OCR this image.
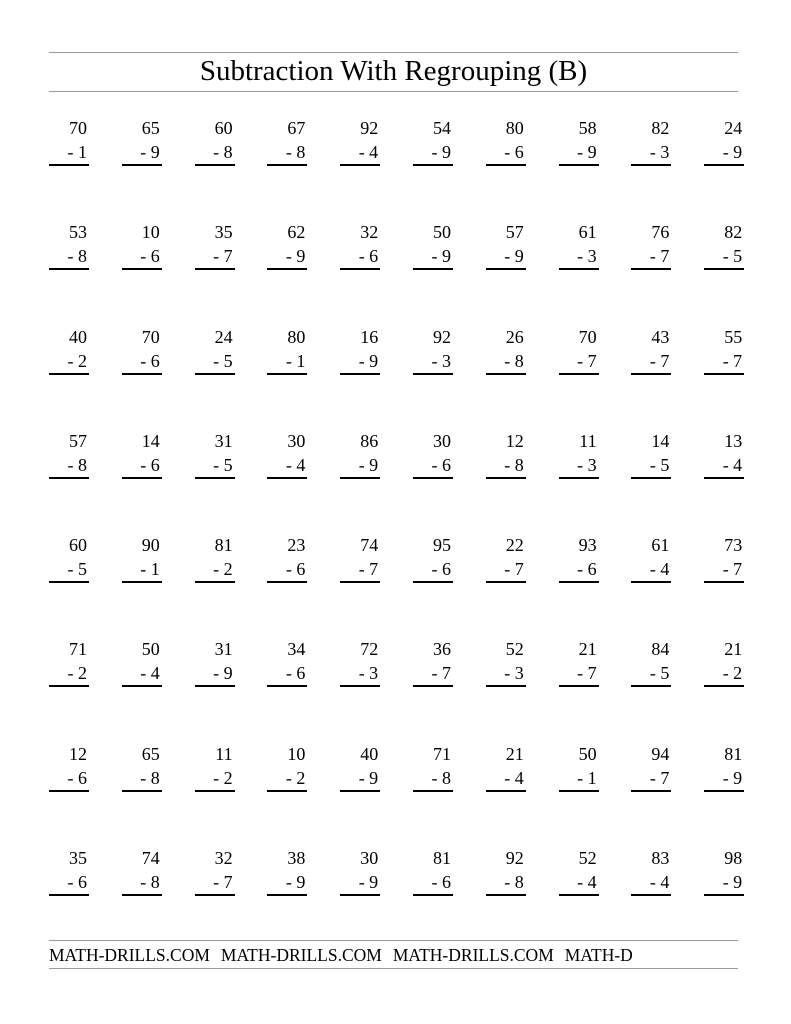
Subtraction With Regrouping (B)
70
- 1
65
- 9
60
- 8
67
- 8
92
- 4
54
- 9
80
- 6
58
- 9
82
- 3
24
- 9
53
- 8
10
- 6
35
- 7
62
- 9
32
- 6
50
- 9
57
- 9
61
- 3
76
- 7
82
- 5
40
- 2
70
- 6
24
- 5
80
- 1
16
- 9
92
- 3
26
- 8
70
- 7
43
- 7
55
- 7
57
- 8
14
- 6
31
- 5
30
- 4
86
- 9
30
- 6
12
- 8
11
- 3
14
- 5
13
- 4
60
- 5
90
- 1
81
- 2
23
- 6
74
- 7
95
- 6
22
- 7
93
- 6
61
- 4
73
- 7
71
- 2
50
- 4
31
- 9
34
- 6
72
- 3
36
- 7
52
- 3
21
- 7
84
- 5
21
- 2
12
- 6
65
- 8
11
- 2
10
- 2
40
- 9
71
- 8
21
- 4
50
- 1
94
- 7
81
- 9
35
- 6
74
- 8
32
- 7
38
- 9
30
- 9
81
- 6
92
- 8
52
- 4
83
- 4
98
- 9
MATH-DRILLS.COM MATH-DRILLS.COM MATH-DRILLS.COM MATH-D
